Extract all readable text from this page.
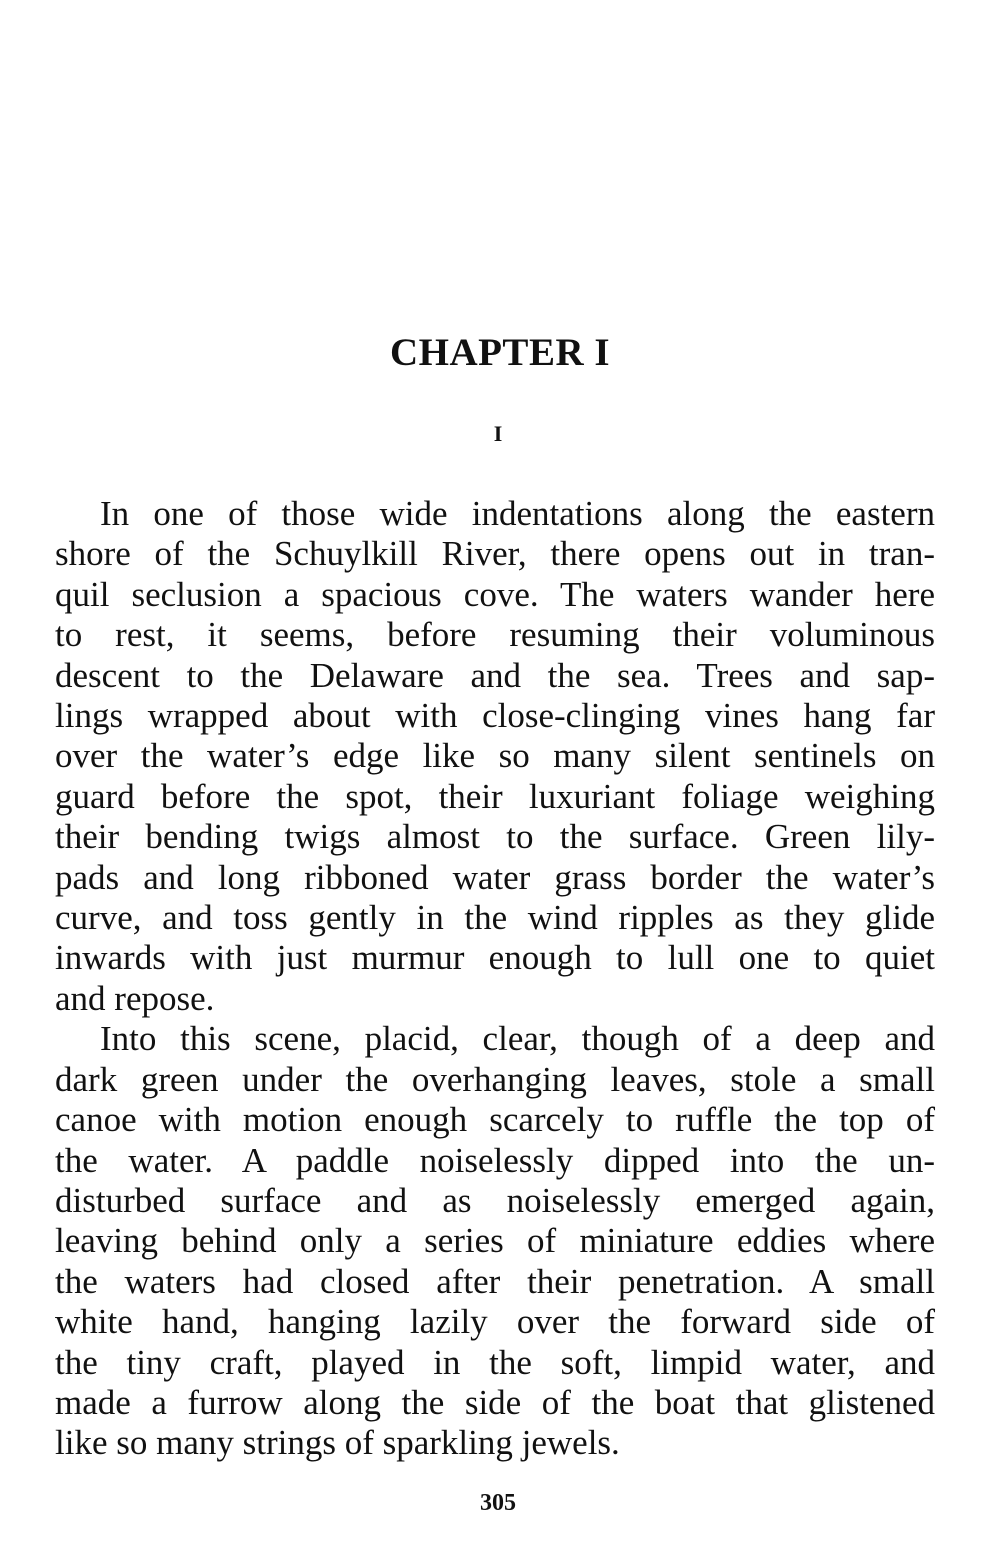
CHAPTER I
I

In one of those wide indentations along the eastern
shore of the Schuylkill River, there opens out in tran-
quil seclusion a spacious cove. The waters wander here
to rest, it seems, before resuming their voluminous
descent to the Delaware and the sea. Trees and sap-
lings wrapped about with close-clinging vines hang far
over the water’s edge like so many silent sentinels on
guard before the spot, their luxuriant foliage weighing
their bending twigs almost to the surface. Green lily-
pads and long ribboned water grass border the water’s
curve, and toss gently in the wind ripples as they glide
inwards with just murmur enough to lull one to quiet
and repose.

Into this scene, placid, clear, though of a deep and
dark green under the overhanging leaves, stole a small
canoe with motion enough scarcely to ruffle the top of
the water. A paddle noiselessly dipped into the un-
disturbed surface and as noiselessly emerged again,
leaving behind only a series of miniature eddies where
the waters had closed after their penetration. A small
white hand, hanging lazily over the forward side of
the tiny craft, played in the soft, limpid water, and
made a furrow along the side of the boat that glistened
like so many strings of sparkling jewels.

305
